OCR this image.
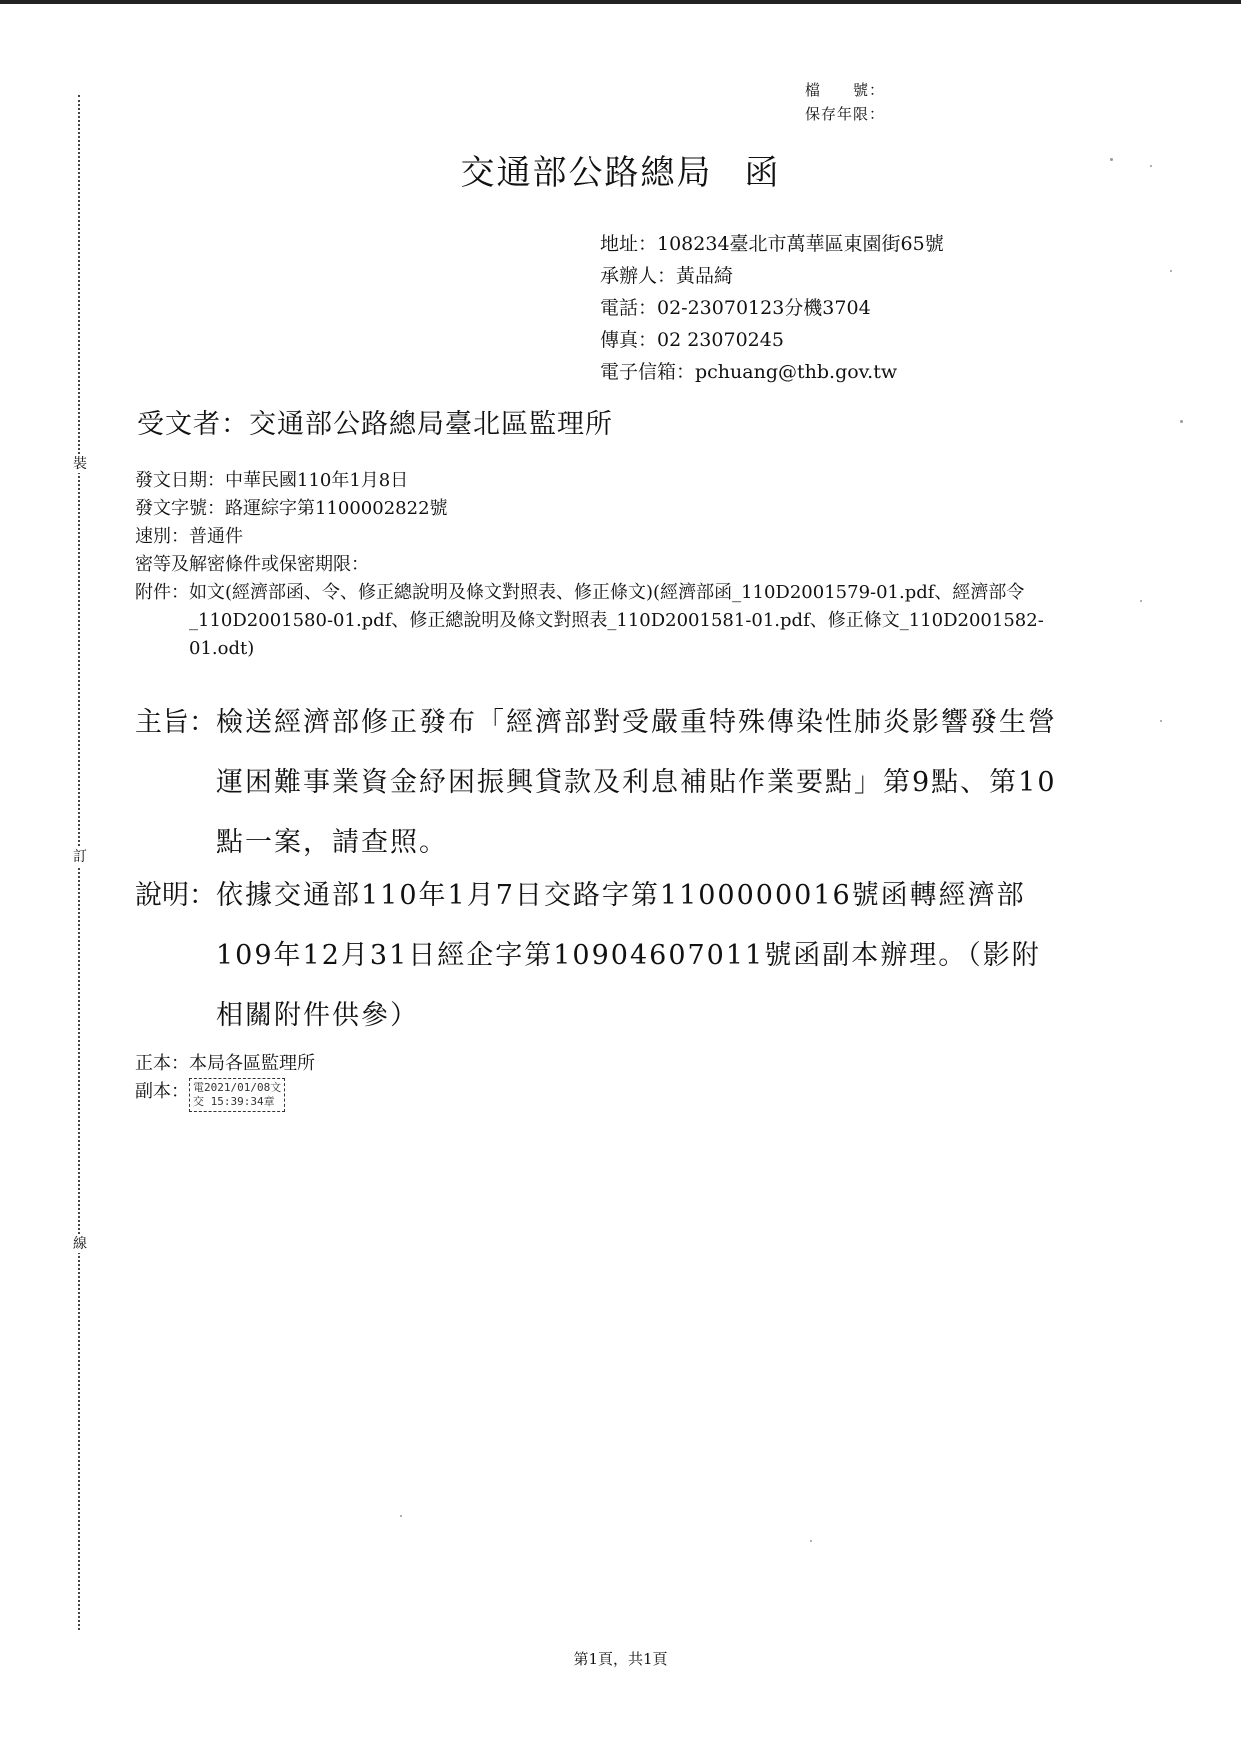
裝
訂
線
檔　　號：
保存年限：
交通部公路總局 函
地址：108234臺北市萬華區東園街65號
承辦人：黃品綺
電話：02-23070123分機3704
傳真：02 23070245
電子信箱：pchuang@thb.gov.tw
受文者：交通部公路總局臺北區監理所
發文日期：中華民國110年1月8日
發文字號：路運綜字第1100002822號
速別：普通件
密等及解密條件或保密期限：
附件： 如文(經濟部函、令、修正總說明及條文對照表、修正條文)(經濟部函_110D2001579-01.pdf、經濟部令_110D2001580-01.pdf、修正總說明及條文對照表_110D2001581-01.pdf、修正條文_110D2001582-01.odt)
主旨： 檢送經濟部修正發布「經濟部對受嚴重特殊傳染性肺炎影響發生營運困難事業資金紓困振興貸款及利息補貼作業要點」第9點、第10點一案，請查照。
說明： 依據交通部110年1月7日交路字第1100000016號函轉經濟部109年12月31日經企字第10904607011號函副本辦理。（影附相關附件供參）
正本：本局各區監理所
副本： 電2021/01/08文
交 15:39:34章
第1頁，共1頁
